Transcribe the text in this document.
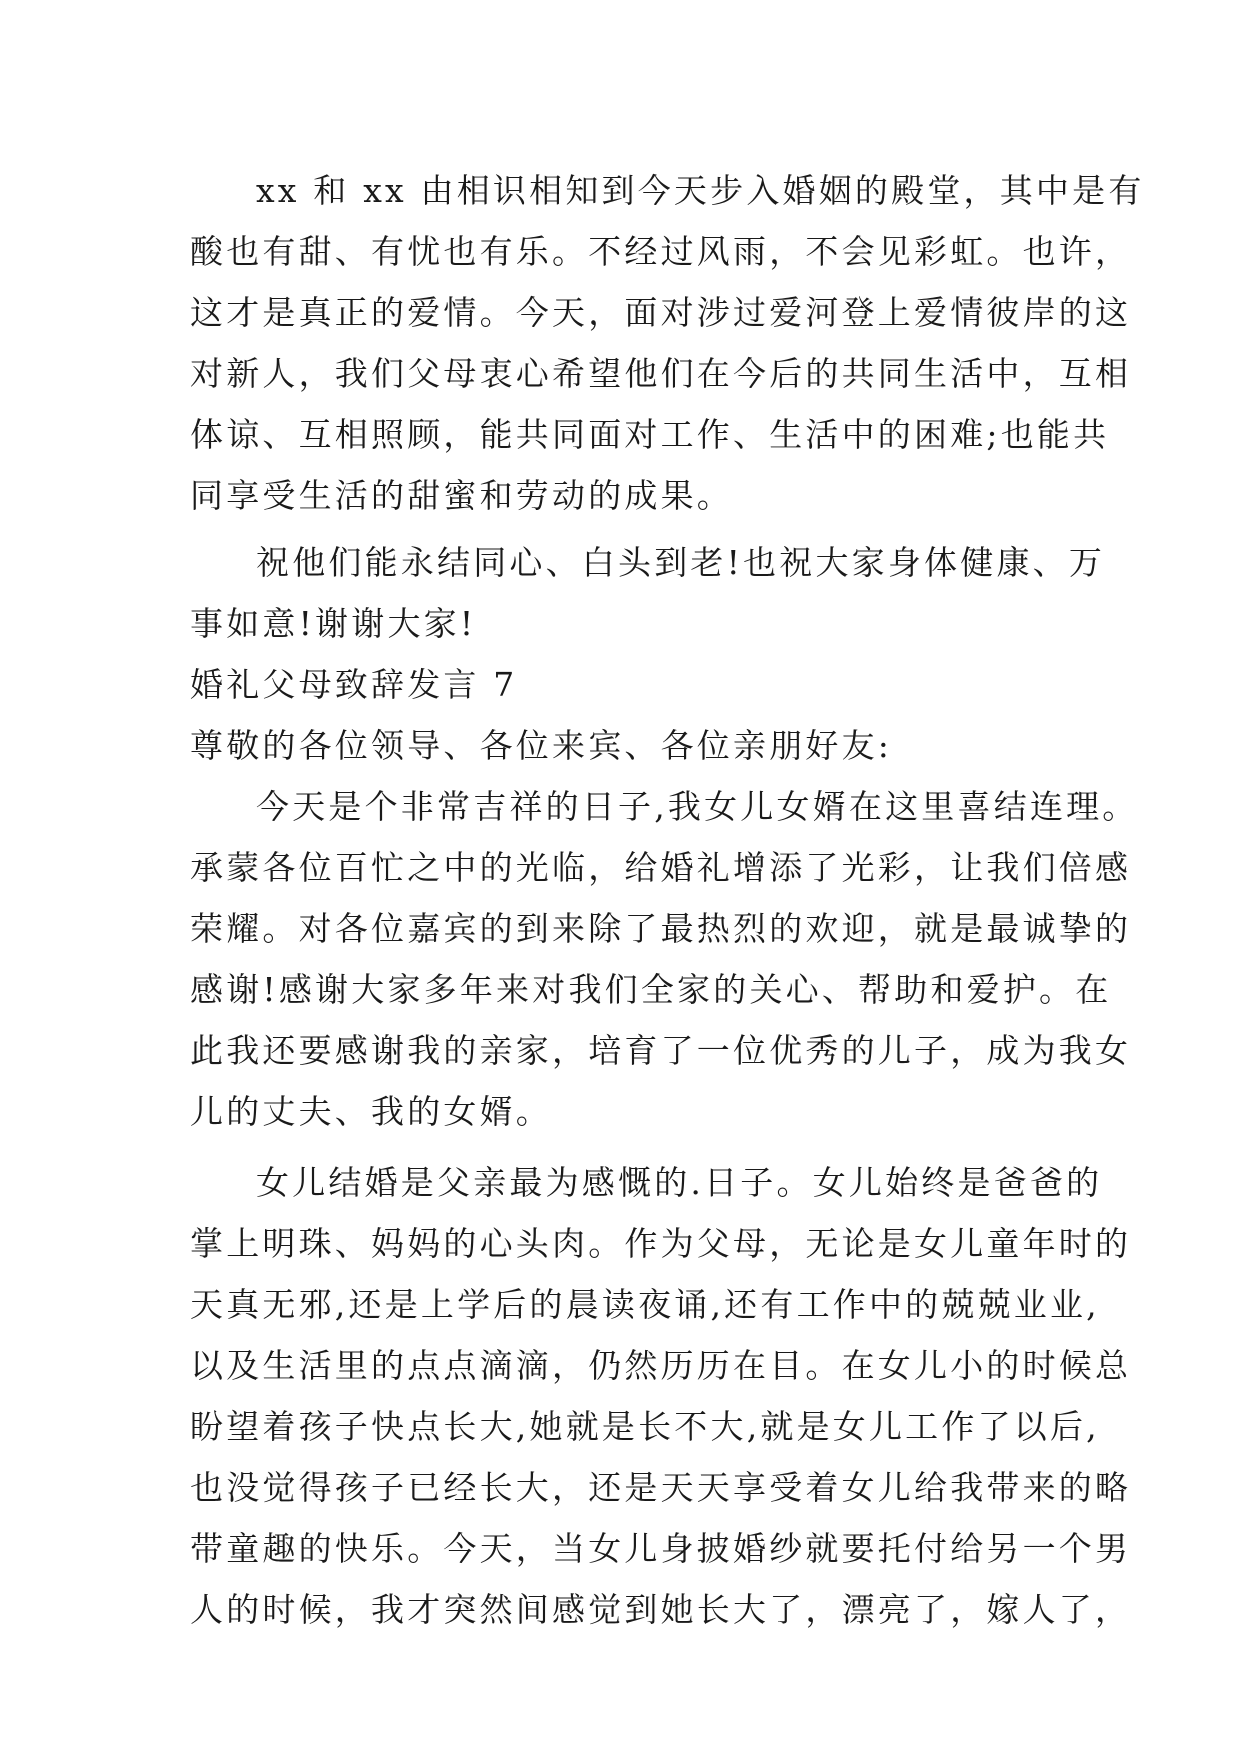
xx 和 xx 由相识相知到今天步入婚姻的殿堂，其中是有
酸也有甜、有忧也有乐。不经过风雨，不会见彩虹。也许，
这才是真正的爱情。今天，面对涉过爱河登上爱情彼岸的这
对新人，我们父母衷心希望他们在今后的共同生活中，互相
体谅、互相照顾，能共同面对工作、生活中的困难;也能共
同享受生活的甜蜜和劳动的成果。
祝他们能永结同心、白头到老!也祝大家身体健康、万
事如意!谢谢大家!
婚礼父母致辞发言 7
尊敬的各位领导、各位来宾、各位亲朋好友:
今天是个非常吉祥的日子,我女儿女婿在这里喜结连理。
承蒙各位百忙之中的光临，给婚礼增添了光彩，让我们倍感
荣耀。对各位嘉宾的到来除了最热烈的欢迎，就是最诚挚的
感谢!感谢大家多年来对我们全家的关心、帮助和爱护。在
此我还要感谢我的亲家，培育了一位优秀的儿子，成为我女
儿的丈夫、我的女婿。
女儿结婚是父亲最为感慨的.日子。女儿始终是爸爸的
掌上明珠、妈妈的心头肉。作为父母，无论是女儿童年时的
天真无邪,还是上学后的晨读夜诵,还有工作中的兢兢业业,
以及生活里的点点滴滴，仍然历历在目。在女儿小的时候总
盼望着孩子快点长大,她就是长不大,就是女儿工作了以后,
也没觉得孩子已经长大，还是天天享受着女儿给我带来的略
带童趣的快乐。今天，当女儿身披婚纱就要托付给另一个男
人的时候，我才突然间感觉到她长大了，漂亮了，嫁人了，
